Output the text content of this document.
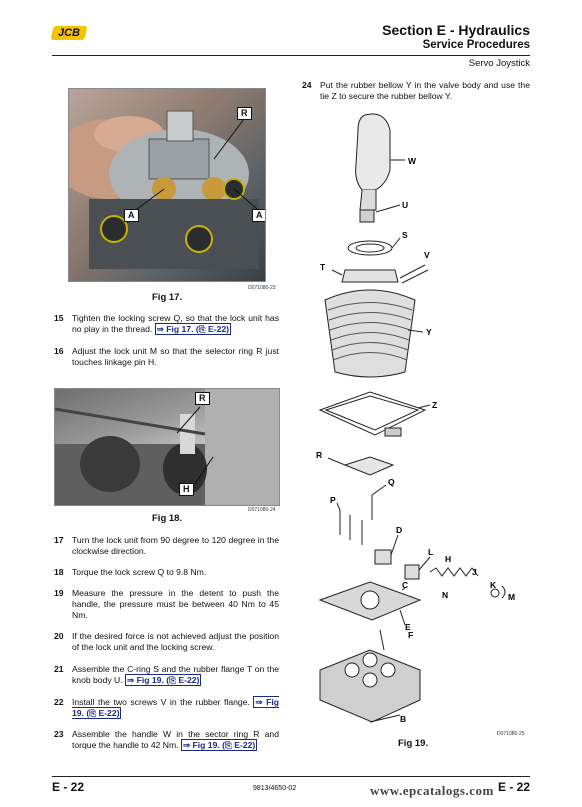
JCB	Section E - Hydraulics
Service Procedures
Servo Joystick
R
A	A
D071080-23
Fig 17.
15 Tighten the locking screw Q, so that the lock unit has no play in the thread. ⇒ Fig 17. (⎘ E-22)
16 Adjust the lock unit M so that the selector ring R just touches linkage pin H.
R
H
D071080-24
Fig 18.
17 Turn the lock unit from 90 degree to 120 degree in the clockwise direction.
18 Torque the lock screw Q to 9.8 Nm.
19 Measure the pressure in the detent to push the handle, the pressure must be between 40 Nm to 45 Nm.
20 If the desired force is not achieved adjust the position of the lock unit and the locking screw.
21 Assemble the C-ring S and the rubber flange T on the knob body U. ⇒ Fig 19. (⎘ E-22)
22 Install the two screws V in the rubber flange. ⇒ Fig 19. (⎘ E-22)
23 Assemble the handle W in the sector ring R and torque the handle to 42 Nm. ⇒ Fig 19. (⎘ E-22)
24 Put the rubber bellow Y in the valve body and use the tie Z to secure the rubber bellow Y.
W
U
S
V
T
Y
Z
R
Q
P
D
L
H
J
K
M
N
C
E
F
B
D071080-25
Fig 19.
E - 22	9813/4650-02	www.epcatalogs.com E - 22
